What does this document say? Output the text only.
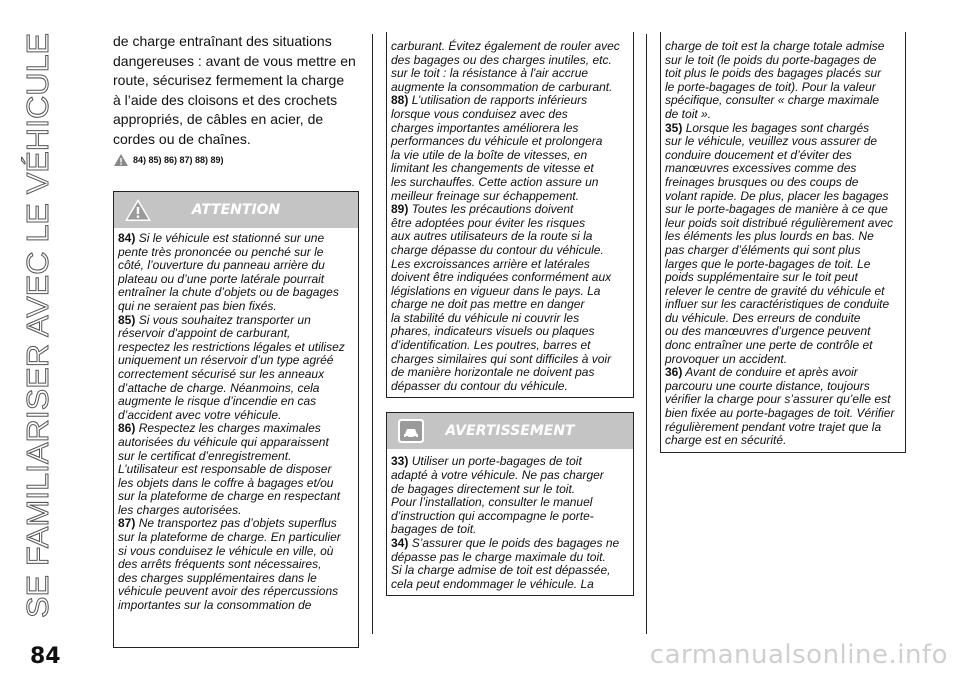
SE FAMILIARISER AVEC LE VÉHICULE

de charge entraînant des situations

dangereuses : avant de vous mettre en

route, sécurisez fermement la charge

à l’aide des cloisons et des crochets

appropriés, de câbles en acier, de

cordes ou de chaînes.

84) 85) 86) 87) 88) 89)
ATTENTION

84) Si le véhicule est stationné sur une

pente très prononcée ou penché sur le

côté, l’ouverture du panneau arrière du

plateau ou d’une porte latérale pourrait

entraîner la chute d’objets ou de bagages

qui ne seraient pas bien fixés.

85) Si vous souhaitez transporter un

réservoir d'appoint de carburant,

respectez les restrictions légales et utilisez

uniquement un réservoir d’un type agréé

correctement sécurisé sur les anneaux

d’attache de charge. Néanmoins, cela

augmente le risque d’incendie en cas

d’accident avec votre véhicule.

86) Respectez les charges maximales

autorisées du véhicule qui apparaissent

sur le certificat d’enregistrement.

L’utilisateur est responsable de disposer

les objets dans le coffre à bagages et/ou

sur la plateforme de charge en respectant

les charges autorisées.

87) Ne transportez pas d’objets superflus

sur la plateforme de charge. En particulier

si vous conduisez le véhicule en ville, où

des arrêts fréquents sont nécessaires,

des charges supplémentaires dans le

véhicule peuvent avoir des répercussions

importantes sur la consommation de

carburant. Évitez également de rouler avec

des bagages ou des charges inutiles, etc.

sur le toit : la résistance à l'air accrue

augmente la consommation de carburant.

88) L’utilisation de rapports inférieurs

lorsque vous conduisez avec des

charges importantes améliorera les

performances du véhicule et prolongera

la vie utile de la boîte de vitesses, en

limitant les changements de vitesse et

les surchauffes. Cette action assure un

meilleur freinage sur échappement.

89) Toutes les précautions doivent

être adoptées pour éviter les risques

aux autres utilisateurs de la route si la

charge dépasse du contour du véhicule.

Les excroissances arrière et latérales

doivent être indiquées conformément aux

législations en vigueur dans le pays. La

charge ne doit pas mettre en danger

la stabilité du véhicule ni couvrir les

phares, indicateurs visuels ou plaques

d’identification. Les poutres, barres et

charges similaires qui sont difficiles à voir

de manière horizontale ne doivent pas

dépasser du contour du véhicule.

AVERTISSEMENT

33) Utiliser un porte-bagages de toit

adapté à votre véhicule. Ne pas charger

de bagages directement sur le toit.

Pour l’installation, consulter le manuel

d’instruction qui accompagne le porte-

bagages de toit.

34) S’assurer que le poids des bagages ne

dépasse pas le charge maximale du toit.

Si la charge admise de toit est dépassée,

cela peut endommager le véhicule. La

charge de toit est la charge totale admise

sur le toit (le poids du porte-bagages de

toit plus le poids des bagages placés sur

le porte-bagages de toit). Pour la valeur

spécifique, consulter « charge maximale

de toit ».

35) Lorsque les bagages sont chargés

sur le véhicule, veuillez vous assurer de

conduire doucement et d’éviter des

manœuvres excessives comme des

freinages brusques ou des coups de

volant rapide. De plus, placer les bagages

sur le porte-bagages de manière à ce que

leur poids soit distribué régulièrement avec

les éléments les plus lourds en bas. Ne

pas charger d’éléments qui sont plus

larges que le porte-bagages de toit. Le

poids supplémentaire sur le toit peut

relever le centre de gravité du véhicule et

influer sur les caractéristiques de conduite

du véhicule. Des erreurs de conduite

ou des manœuvres d’urgence peuvent

donc entraîner une perte de contrôle et

provoquer un accident.

36) Avant de conduire et après avoir

parcouru une courte distance, toujours

vérifier la charge pour s’assurer qu’elle est

bien fixée au porte-bagages de toit. Vérifier

régulièrement pendant votre trajet que la

charge est en sécurité.

84	carmanualsonline.info
